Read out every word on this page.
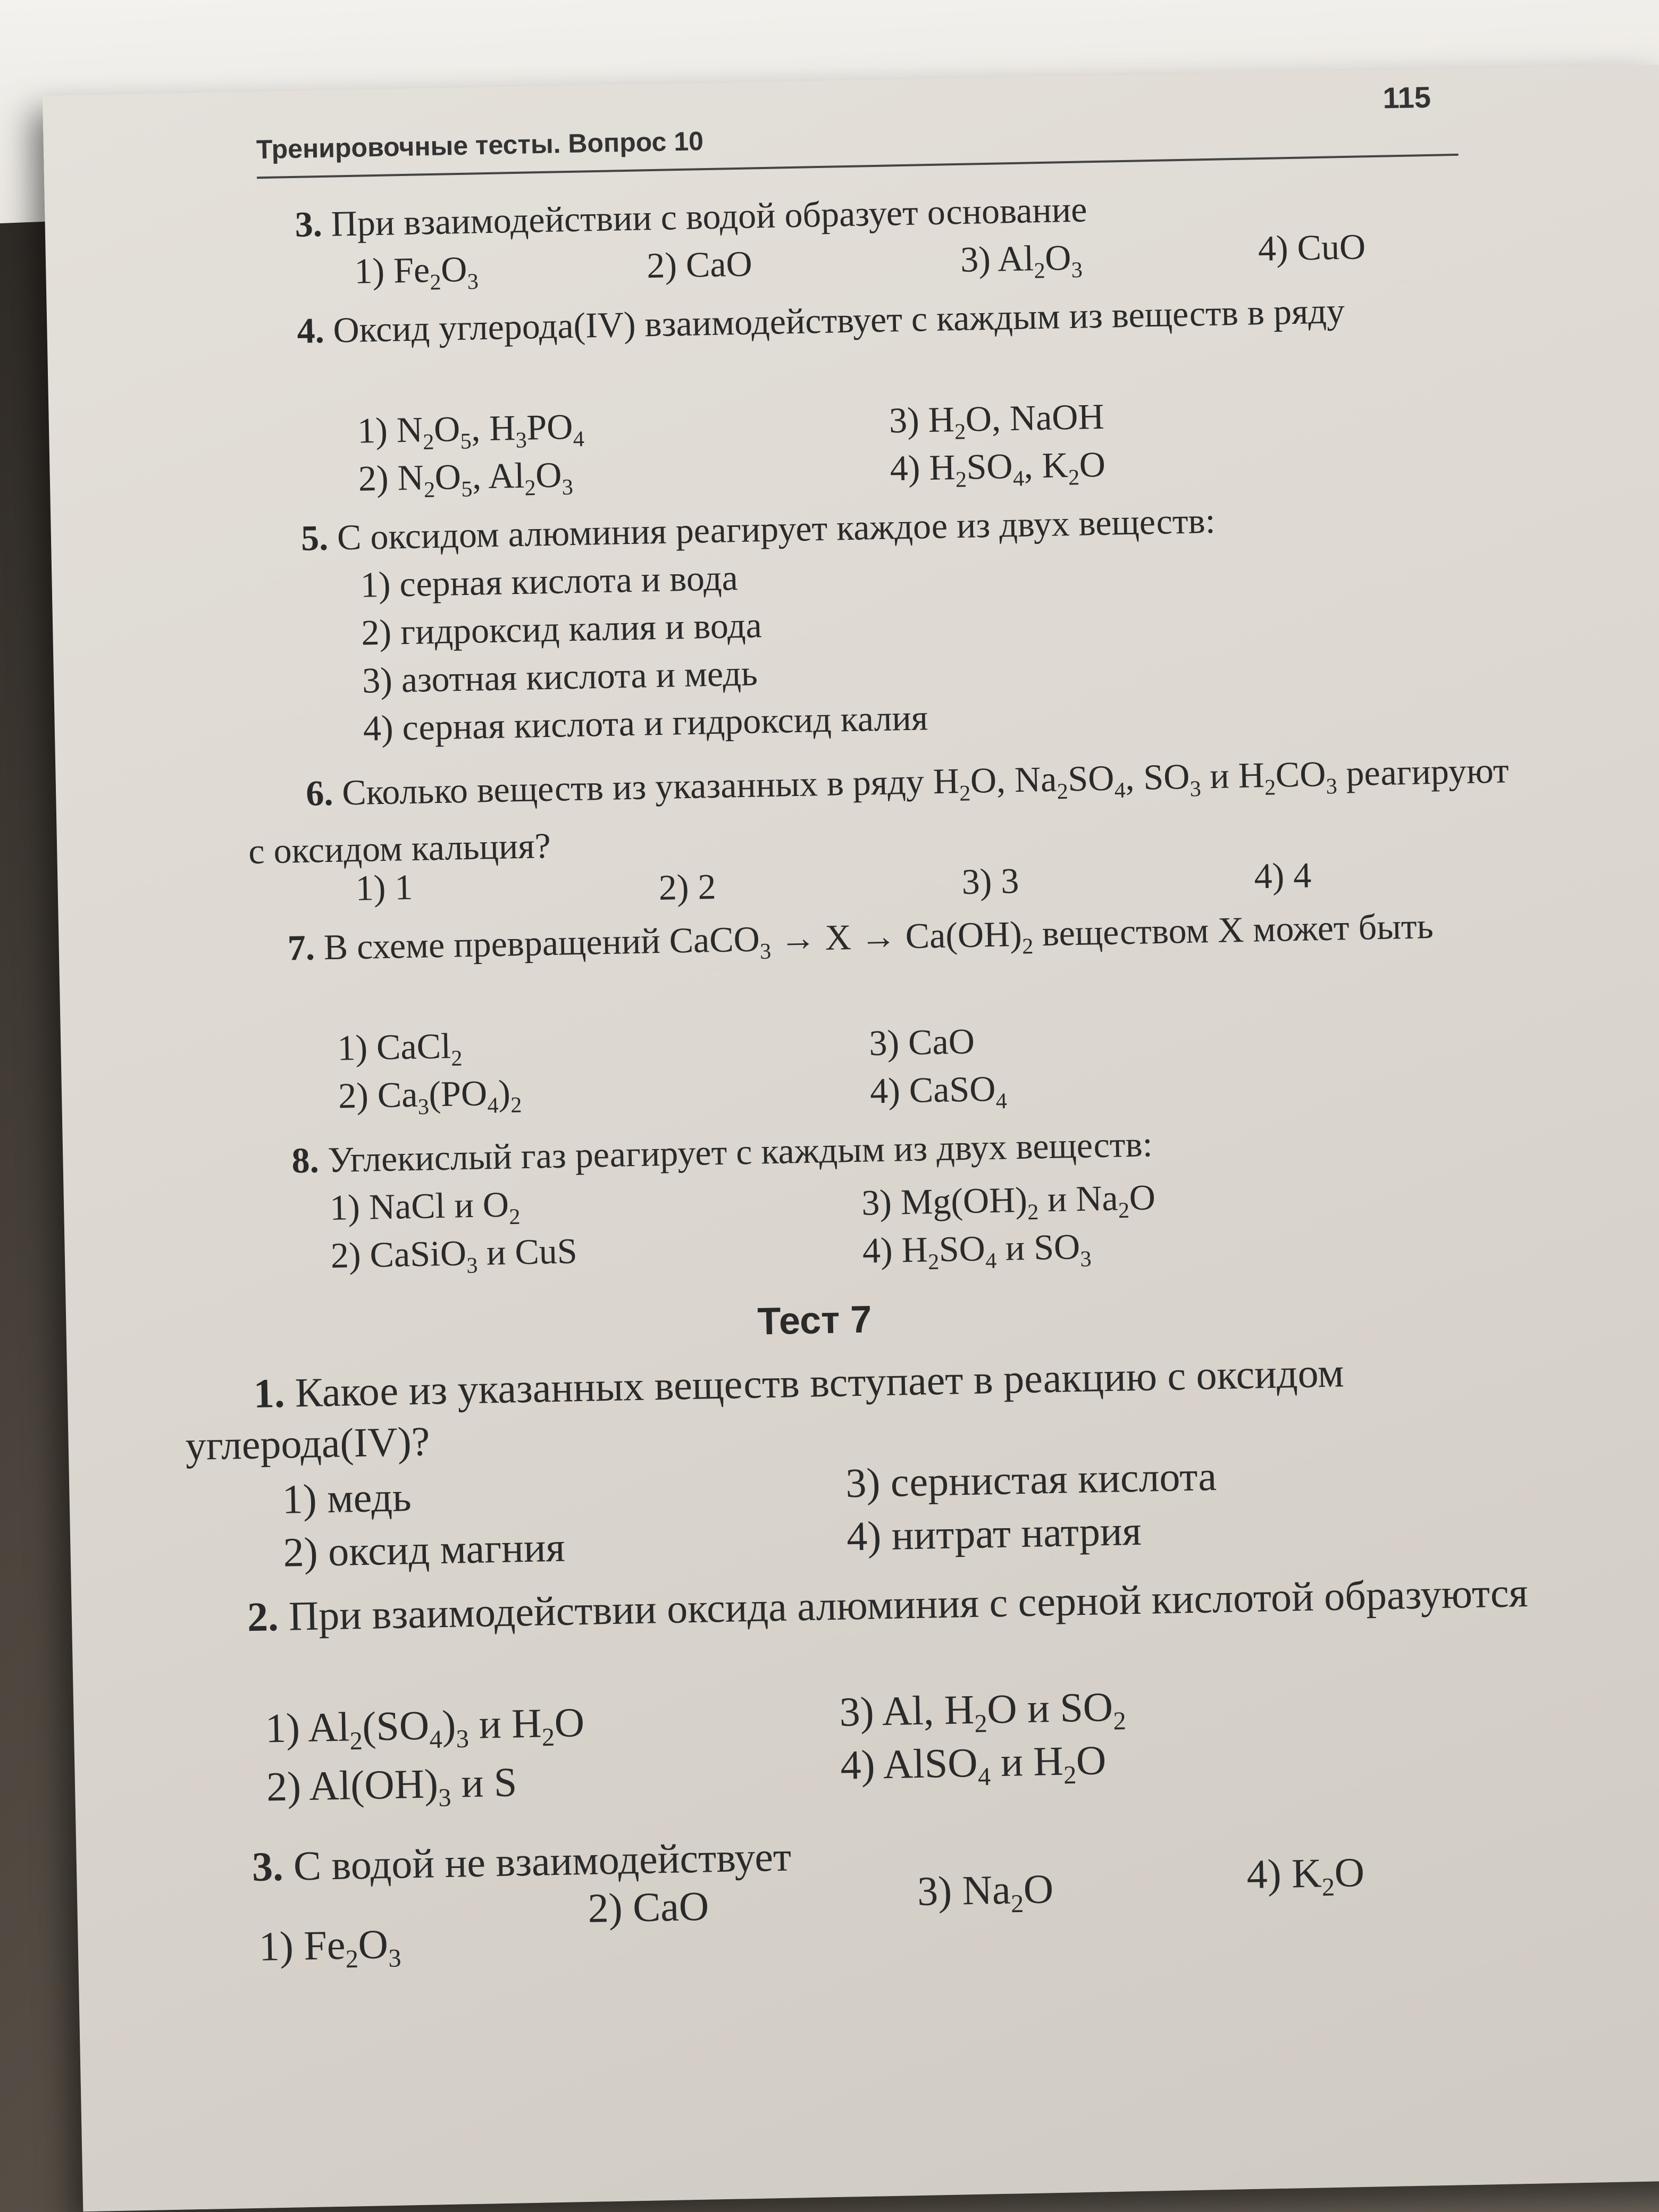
Тренировочные тесты. Вопрос 10
115
3. При взаимодействии с водой образует основание
1) $Fe_2O_3$	2) CaO	3) $Al_2O_3$
4) CuO
4. Оксид углерода(IV) взаимодействует с каждым из веществ в ряду
1) $N_2O_5$, $H_3PO_4$
2) $N_2O_5$, $Al_2O_3$
3) $H_2O$, NaOH
4) $H_2SO_4$, $K_2O$
5. С оксидом алюминия реагирует каждое из двух веществ:
1) серная кислота и вода
2) гидроксид калия и вода
3) азотная кислота и медь
4) серная кислота и гидроксид калия
6. Сколько веществ из указанных в ряду $H_2O$, $Na_2SO_4$, $SO_3$ и $H_2CO_3$ реагируют с оксидом кальция?
1) 1	2) 2	3) 3	4) 4
7. В схеме превращений CaCO$_3$ → $X \to Ca(OH)_2$ веществом X может быть
1) CaCl$_2$
2) $Ca_3(PO_4)_2$
3) CaO
4) CaSO$_4$
8. Углекислый газ реагирует с каждым из двух веществ:
1) NaCl и $O_2$
2) CaSiO$_3$ и CuS
3) $Mg(OH)_2$ и $Na_2O$
4) $H_2SO_4$ и $SO_3$
Тест 7
1. Какое из указанных веществ вступает в реакцию с оксидом углерода(IV)?
1) медь
2) оксид магния
3) сернистая кислота
4) нитрат натрия
2. При взаимодействии оксида алюминия с серной кислотой образуются
1) $Al_2(SO_4)_3$ и $H_2O$
2) $Al(OH)_3$ и S
3) Al, $H_2O$ и $SO_2$
4) AlSO$_4$ и $H_2O$
3. С водой не взаимодействует
1) $Fe_2O_3$
2) CaO	3) $Na_2O$	4) $K_2O$
